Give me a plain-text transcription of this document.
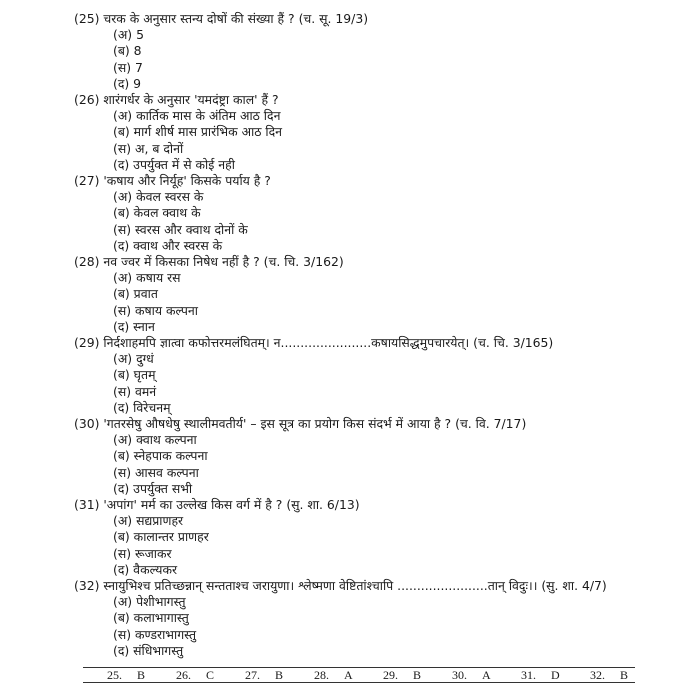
(25) चरक के अनुसार स्तन्य दोषों की संख्या हैं ? (च. सू. 19/3)
(अ) 5
(ब) 8
(स) 7
(द) 9
(26) शारंगर्धर के अनुसार 'यमदंष्ट्रा काल' हैं ?
(अ) कार्तिक मास के अंतिम आठ दिन
(ब) मार्ग शीर्ष मास प्रारंभिक आठ दिन
(स) अ, ब दोनों
(द) उपर्युक्त में से कोई नही
(27) 'कषाय और निर्यूह' किसके पर्याय है ?
(अ) केवल स्वरस के
(ब) केवल क्वाथ के
(स) स्वरस और क्वाथ दोनों के
(द) क्वाथ और स्वरस के
(28) नव ज्वर में किसका निषेध नहीं है ? (च. चि. 3/162)
(अ) कषाय रस
(ब) प्रवात
(स) कषाय कल्पना
(द) स्नान
(29) निर्दशाहमपि ज्ञात्वा कफोत्तरमलंघितम्। न.......................कषायसिद्धमुपचारयेत्। (च. चि. 3/165)
(अ) दुग्धं
(ब) घृतम्
(स) वमनं
(द) विरेचनम्
(30) 'गतरसेषु औषधेषु स्थालीमवतीर्य' – इस सूत्र का प्रयोग किस संदर्भ में आया है ? (च. वि. 7/17)
(अ) क्वाथ कल्पना
(ब) स्नेहपाक कल्पना
(स) आसव कल्पना
(द) उपर्युक्त सभी
(31) 'अपांग' मर्म का उल्लेख किस वर्ग में है ? (सु. शा. 6/13)
(अ) सद्यप्राणहर
(ब) कालान्तर प्राणहर
(स) रूजाकर
(द) वैकल्यकर
(32) स्नायुभिश्च प्रतिच्छन्नान् सन्तताश्च जरायुणा। श्लेष्मणा वेष्टितांश्चापि .......................तान् विदुः।। (सु. शा. 4/7)
(अ) पेशीभागस्तु
(ब) कलाभागास्तु
(स) कण्डराभागस्तु
(द) संधिभागस्तु
25. B	26. C	27. B	28. A	29. B	30. A	31. D	32. B
